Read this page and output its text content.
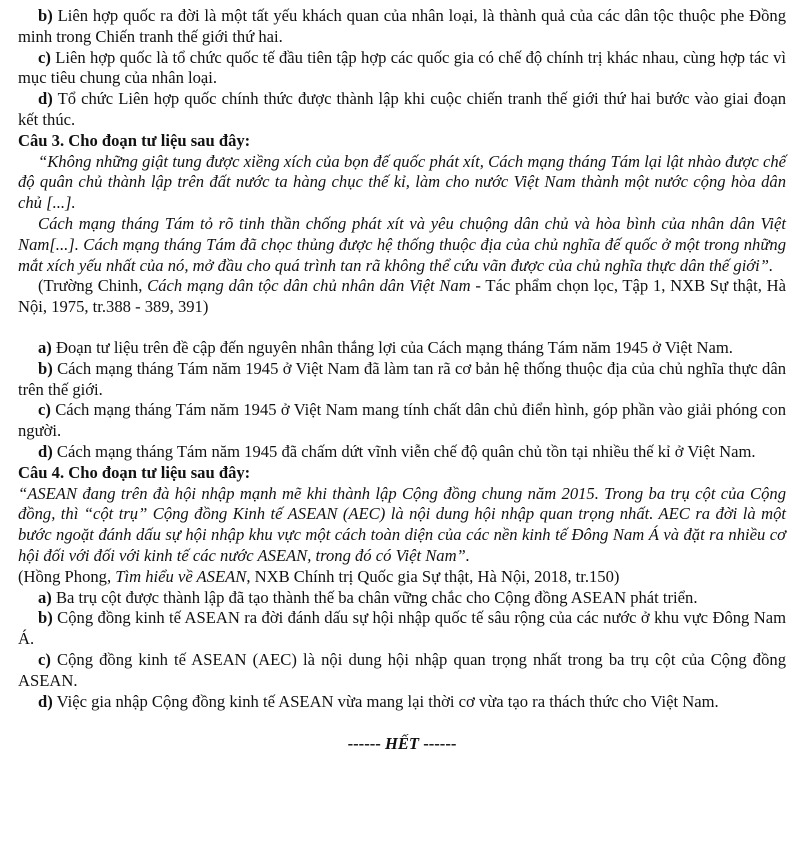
b) Liên hợp quốc ra đời là một tất yếu khách quan của nhân loại, là thành quả của các dân tộc thuộc phe Đồng minh trong Chiến tranh thế giới thứ hai.

c) Liên hợp quốc là tổ chức quốc tế đầu tiên tập hợp các quốc gia có chế độ chính trị khác nhau, cùng hợp tác vì mục tiêu chung của nhân loại.

d) Tổ chức Liên hợp quốc chính thức được thành lập khi cuộc chiến tranh thế giới thứ hai bước vào giai đoạn kết thúc.

Câu 3. Cho đoạn tư liệu sau đây:

“Không những giật tung được xiềng xích của bọn đế quốc phát xít, Cách mạng tháng Tám lại lật nhào được chế độ quân chủ thành lập trên đất nước ta hàng chục thế kỉ, làm cho nước Việt Nam thành một nước cộng hòa dân chủ [...].

Cách mạng tháng Tám tỏ rõ tinh thần chống phát xít và yêu chuộng dân chủ và hòa bình của nhân dân Việt Nam[...]. Cách mạng tháng Tám đã chọc thủng được hệ thống thuộc địa của chủ nghĩa đế quốc ở một trong những mắt xích yếu nhất của nó, mở đầu cho quá trình tan rã không thể cứu vãn được của chủ nghĩa thực dân thế giới”.

(Trường Chinh, Cách mạng dân tộc dân chủ nhân dân Việt Nam - Tác phẩm chọn lọc, Tập 1, NXB Sự thật, Hà Nội, 1975, tr.388 - 389, 391)

a) Đoạn tư liệu trên đề cập đến nguyên nhân thắng lợi của Cách mạng tháng Tám năm 1945 ở Việt Nam.

b) Cách mạng tháng Tám năm 1945 ở Việt Nam đã làm tan rã cơ bản hệ thống thuộc địa của chủ nghĩa thực dân trên thế giới.

c) Cách mạng tháng Tám năm 1945 ở Việt Nam mang tính chất dân chủ điển hình, góp phần vào giải phóng con người.

d) Cách mạng tháng Tám năm 1945 đã chấm dứt vĩnh viễn chế độ quân chủ tồn tại nhiều thế kỉ ở Việt Nam.

Câu 4. Cho đoạn tư liệu sau đây:

“ASEAN đang trên đà hội nhập mạnh mẽ khi thành lập Cộng đồng chung năm 2015. Trong ba trụ cột của Cộng đồng, thì “cột trụ” Cộng đồng Kinh tế ASEAN (AEC) là nội dung hội nhập quan trọng nhất. AEC ra đời là một bước ngoặt đánh dấu sự hội nhập khu vực một cách toàn diện của các nền kinh tế Đông Nam Á và đặt ra nhiều cơ hội đối với đối với kinh tế các nước ASEAN, trong đó có Việt Nam”.

(Hồng Phong, Tìm hiểu về ASEAN, NXB Chính trị Quốc gia Sự thật, Hà Nội, 2018, tr.150)

a) Ba trụ cột được thành lập đã tạo thành thế ba chân vững chắc cho Cộng đồng ASEAN phát triển.

b) Cộng đồng kinh tế ASEAN ra đời đánh dấu sự hội nhập quốc tế sâu rộng của các nước ở khu vực Đông Nam Á.

c) Cộng đồng kinh tế ASEAN (AEC) là nội dung hội nhập quan trọng nhất trong ba trụ cột của Cộng đồng ASEAN.

d) Việc gia nhập Cộng đồng kinh tế ASEAN vừa mang lại thời cơ vừa tạo ra thách thức cho Việt Nam.

------ HẾT ------
